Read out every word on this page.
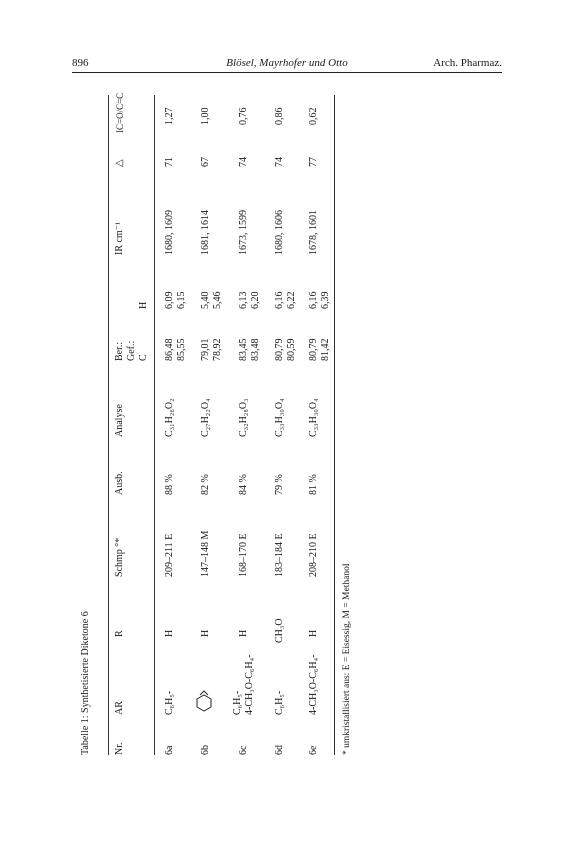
896	Blösel, Mayrhofer und Otto	Arch. Pharmaz.
Tabelle 1: Synthetisierte Diketone 6 Nr.
AR
R
Schmp °*
Ausb.
Analyse
Ber.: Gef.: C
H
IR cm⁻¹
△
IC=O/C=C
6a
C₆H₅-
H
209–211 E
88 %
C₃₁H₂₆O₂
86,48 85,55
6,09 6,15
1680, 1609
71
1,27
6b
H
147–148 M
82 %
C₂₇H₂₂O₄
79,01 78,92
5,40 5,46
1681, 1614
67
1,00
6c
C₆H₅- 4-CH₃O-C₆H₄-
H
168–170 E
84 %
C₃₂H₂₈O₃
83,45 83,48
6,13 6,20
1673, 1599
74
0,76
6d
C₆H₅-
CH₃O
183–184 E
79 %
C₃₃H₃₀O₄
80,79 80,59
6,16 6,22
1680, 1606
74
0,86
6e
4-CH₃O-C₆H₄-
H
208–210 E
81 %
C₃₃H₃₀O₄
80,79 81,42
6,16 6,39
1678, 1601
77
0,62
* umkristallisiert aus: E = Eisessig, M = Methanol
